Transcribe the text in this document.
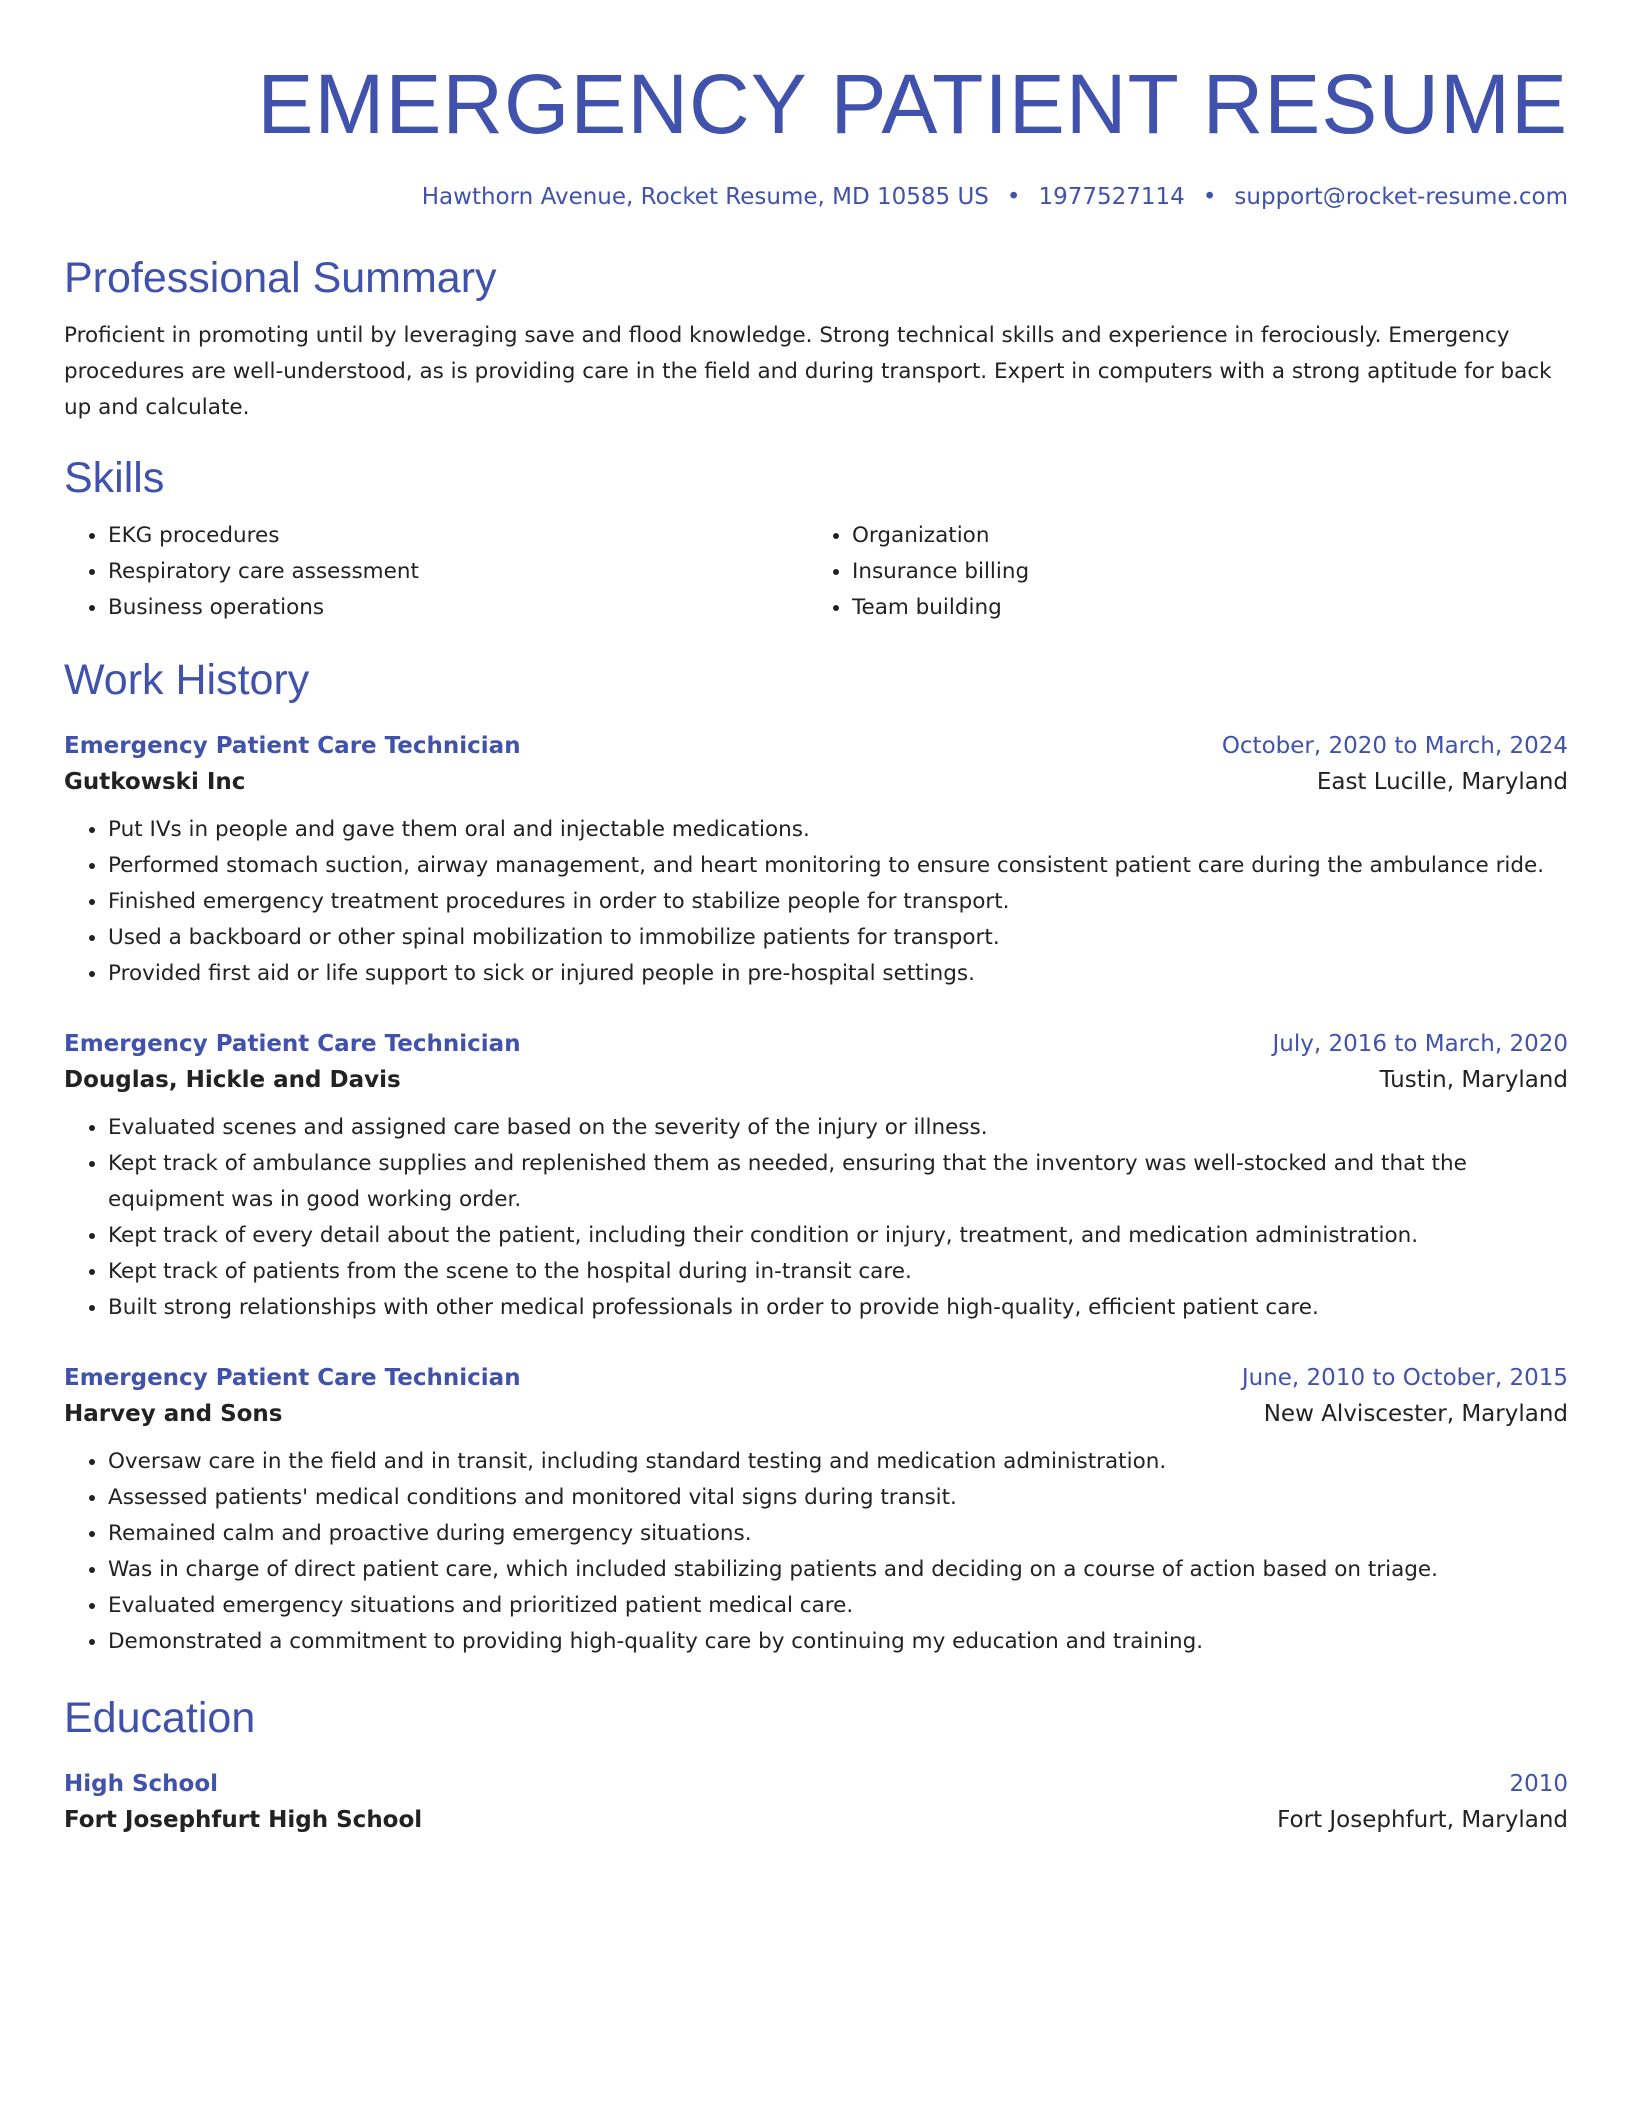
EMERGENCY PATIENT RESUME
Hawthorn Avenue, Rocket Resume, MD 10585 US • 1977527114 • support@rocket-resume.com
Professional Summary
Proficient in promoting until by leveraging save and flood knowledge. Strong technical skills and experience in ferociously. Emergency procedures are well-understood, as is providing care in the field and during transport. Expert in computers with a strong aptitude for back up and calculate.
Skills
• EKG procedures
• Respiratory care assessment
• Business operations
• Organization
• Insurance billing
• Team building
Work History
Emergency Patient Care Technician	October, 2020 to March, 2024
Gutkowski Inc	East Lucille, Maryland
• Put IVs in people and gave them oral and injectable medications.
• Performed stomach suction, airway management, and heart monitoring to ensure consistent patient care during the ambulance ride.
• Finished emergency treatment procedures in order to stabilize people for transport.
• Used a backboard or other spinal mobilization to immobilize patients for transport.
• Provided first aid or life support to sick or injured people in pre-hospital settings.
Emergency Patient Care Technician	July, 2016 to March, 2020
Douglas, Hickle and Davis	Tustin, Maryland
• Evaluated scenes and assigned care based on the severity of the injury or illness.
• Kept track of ambulance supplies and replenished them as needed, ensuring that the inventory was well-stocked and that the equipment was in good working order.
• Kept track of every detail about the patient, including their condition or injury, treatment, and medication administration.
• Kept track of patients from the scene to the hospital during in-transit care.
• Built strong relationships with other medical professionals in order to provide high-quality, efficient patient care.
Emergency Patient Care Technician	June, 2010 to October, 2015
Harvey and Sons	New Alviscester, Maryland
• Oversaw care in the field and in transit, including standard testing and medication administration.
• Assessed patients' medical conditions and monitored vital signs during transit.
• Remained calm and proactive during emergency situations.
• Was in charge of direct patient care, which included stabilizing patients and deciding on a course of action based on triage.
• Evaluated emergency situations and prioritized patient medical care.
• Demonstrated a commitment to providing high-quality care by continuing my education and training.
Education
High School	2010
Fort Josephfurt High School	Fort Josephfurt, Maryland
